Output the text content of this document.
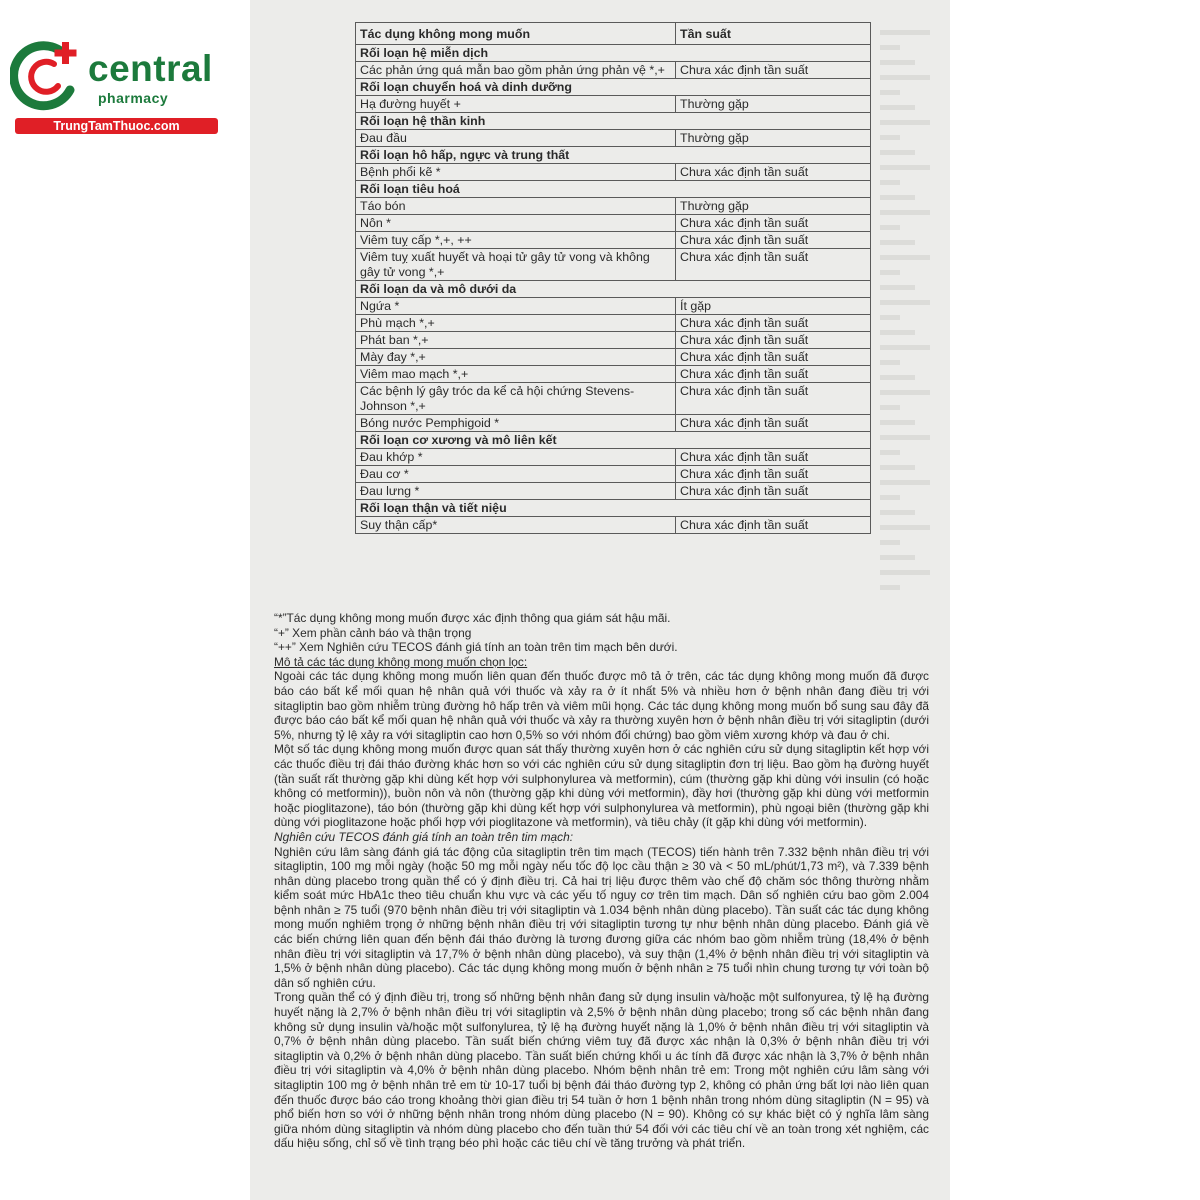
central
pharmacy
TrungTamThuoc.com
Tác dụng không mong muốn	Tần suất
Rối loạn hệ miễn dịch	
Các phản ứng quá mẫn bao gồm phản ứng phản vệ *,+	Chưa xác định tần suất
Rối loạn chuyển hoá và dinh dưỡng	
Hạ đường huyết +	Thường gặp
Rối loạn hệ thần kinh	
Đau đầu	Thường gặp
Rối loạn hô hấp, ngực và trung thất	
Bệnh phổi kẽ *	Chưa xác định tần suất
Rối loạn tiêu hoá	
Táo bón	Thường gặp
Nôn *	Chưa xác định tần suất
Viêm tuỵ cấp *,+, ++	Chưa xác định tần suất
Viêm tuỵ xuất huyết và hoại tử gây tử vong và không gây tử vong *,+	Chưa xác định tần suất
Rối loạn da và mô dưới da	
Ngứa *	Ít gặp
Phù mạch *,+	Chưa xác định tần suất
Phát ban *,+	Chưa xác định tần suất
Mày đay *,+	Chưa xác định tần suất
Viêm mao mạch *,+	Chưa xác định tần suất
Các bệnh lý gây tróc da kể cả hội chứng Stevens-Johnson *,+	Chưa xác định tần suất
Bóng nước Pemphigoid *	Chưa xác định tần suất
Rối loạn cơ xương và mô liên kết	
Đau khớp *	Chưa xác định tần suất
Đau cơ *	Chưa xác định tần suất
Đau lưng *	Chưa xác định tần suất
Rối loạn thận và tiết niệu	
Suy thận cấp*	Chưa xác định tần suất

“*”Tác dụng không mong muốn được xác định thông qua giám sát hậu mãi.

“+” Xem phần cảnh báo và thận trọng

“++” Xem Nghiên cứu TECOS đánh giá tính an toàn trên tim mạch bên dưới.

Mô tả các tác dụng không mong muốn chọn lọc:

Ngoài các tác dụng không mong muốn liên quan đến thuốc được mô tả ở trên, các tác dụng không mong muốn đã được báo cáo bất kể mối quan hệ nhân quả với thuốc và xảy ra ở ít nhất 5% và nhiều hơn ở bệnh nhân đang điều trị với sitagliptin bao gồm nhiễm trùng đường hô hấp trên và viêm mũi họng. Các tác dụng không mong muốn bổ sung sau đây đã được báo cáo bất kể mối quan hệ nhân quả với thuốc và xảy ra thường xuyên hơn ở bệnh nhân điều trị với sitagliptin (dưới 5%, nhưng tỷ lệ xảy ra với sitagliptin cao hơn 0,5% so với nhóm đối chứng) bao gồm viêm xương khớp và đau ở chi.

Một số tác dụng không mong muốn được quan sát thấy thường xuyên hơn ở các nghiên cứu sử dụng sitagliptin kết hợp với các thuốc điều trị đái tháo đường khác hơn so với các nghiên cứu sử dụng sitagliptin đơn trị liệu. Bao gồm hạ đường huyết (tần suất rất thường gặp khi dùng kết hợp với sulphonylurea và metformin), cúm (thường gặp khi dùng với insulin (có hoặc không có metformin)), buồn nôn và nôn (thường gặp khi dùng với metformin), đầy hơi (thường gặp khi dùng với metformin hoặc pioglitazone), táo bón (thường gặp khi dùng kết hợp với sulphonylurea và metformin), phù ngoại biên (thường gặp khi dùng với pioglitazone hoặc phối hợp với pioglitazone và metformin), và tiêu chảy (ít gặp khi dùng với metformin).

Nghiên cứu TECOS đánh giá tính an toàn trên tim mạch:

Nghiên cứu lâm sàng đánh giá tác động của sitagliptin trên tim mạch (TECOS) tiến hành trên 7.332 bệnh nhân điều trị với sitagliptin, 100 mg mỗi ngày (hoặc 50 mg mỗi ngày nếu tốc độ lọc cầu thận ≥ 30 và < 50 mL/phút/1,73 m²), và 7.339 bệnh nhân dùng placebo trong quần thể có ý định điều trị. Cả hai trị liệu được thêm vào chế độ chăm sóc thông thường nhằm kiểm soát mức HbA1c theo tiêu chuẩn khu vực và các yếu tố nguy cơ trên tim mạch. Dân số nghiên cứu bao gồm 2.004 bệnh nhân ≥ 75 tuổi (970 bệnh nhân điều trị với sitagliptin và 1.034 bệnh nhân dùng placebo). Tần suất các tác dụng không mong muốn nghiêm trọng ở những bệnh nhân điều trị với sitagliptin tương tự như bệnh nhân dùng placebo. Đánh giá về các biến chứng liên quan đến bệnh đái tháo đường là tương đương giữa các nhóm bao gồm nhiễm trùng (18,4% ở bệnh nhân điều trị với sitagliptin và 17,7% ở bệnh nhân dùng placebo), và suy thận (1,4% ở bệnh nhân điều trị với sitagliptin và 1,5% ở bệnh nhân dùng placebo). Các tác dụng không mong muốn ở bệnh nhân ≥ 75 tuổi nhìn chung tương tự với toàn bộ dân số nghiên cứu.

Trong quần thể có ý định điều trị, trong số những bệnh nhân đang sử dụng insulin và/hoặc một sulfonyurea, tỷ lệ hạ đường huyết nặng là 2,7% ở bệnh nhân điều trị với sitagliptin và 2,5% ở bệnh nhân dùng placebo; trong số các bệnh nhân đang không sử dụng insulin và/hoặc một sulfonylurea, tỷ lệ hạ đường huyết nặng là 1,0% ở bệnh nhân điều trị với sitagliptin và 0,7% ở bệnh nhân dùng placebo. Tần suất biến chứng viêm tuỵ đã được xác nhận là 0,3% ở bệnh nhân điều trị với sitagliptin và 0,2% ở bệnh nhân dùng placebo. Tần suất biến chứng khối u ác tính đã được xác nhận là 3,7% ở bệnh nhân điều trị với sitagliptin và 4,0% ở bệnh nhân dùng placebo. Nhóm bệnh nhân trẻ em: Trong một nghiên cứu lâm sàng với sitagliptin 100 mg ở bệnh nhân trẻ em từ 10-17 tuổi bị bệnh đái tháo đường typ 2, không có phản ứng bất lợi nào liên quan đến thuốc được báo cáo trong khoảng thời gian điều trị 54 tuần ở hơn 1 bệnh nhân trong nhóm dùng sitagliptin (N = 95) và phổ biến hơn so với ở những bệnh nhân trong nhóm dùng placebo (N = 90). Không có sự khác biệt có ý nghĩa lâm sàng giữa nhóm dùng sitagliptin và nhóm dùng placebo cho đến tuần thứ 54 đối với các tiêu chí về an toàn trong xét nghiệm, các dấu hiệu sống, chỉ số về tình trạng béo phì hoặc các tiêu chí về tăng trưởng và phát triển.
